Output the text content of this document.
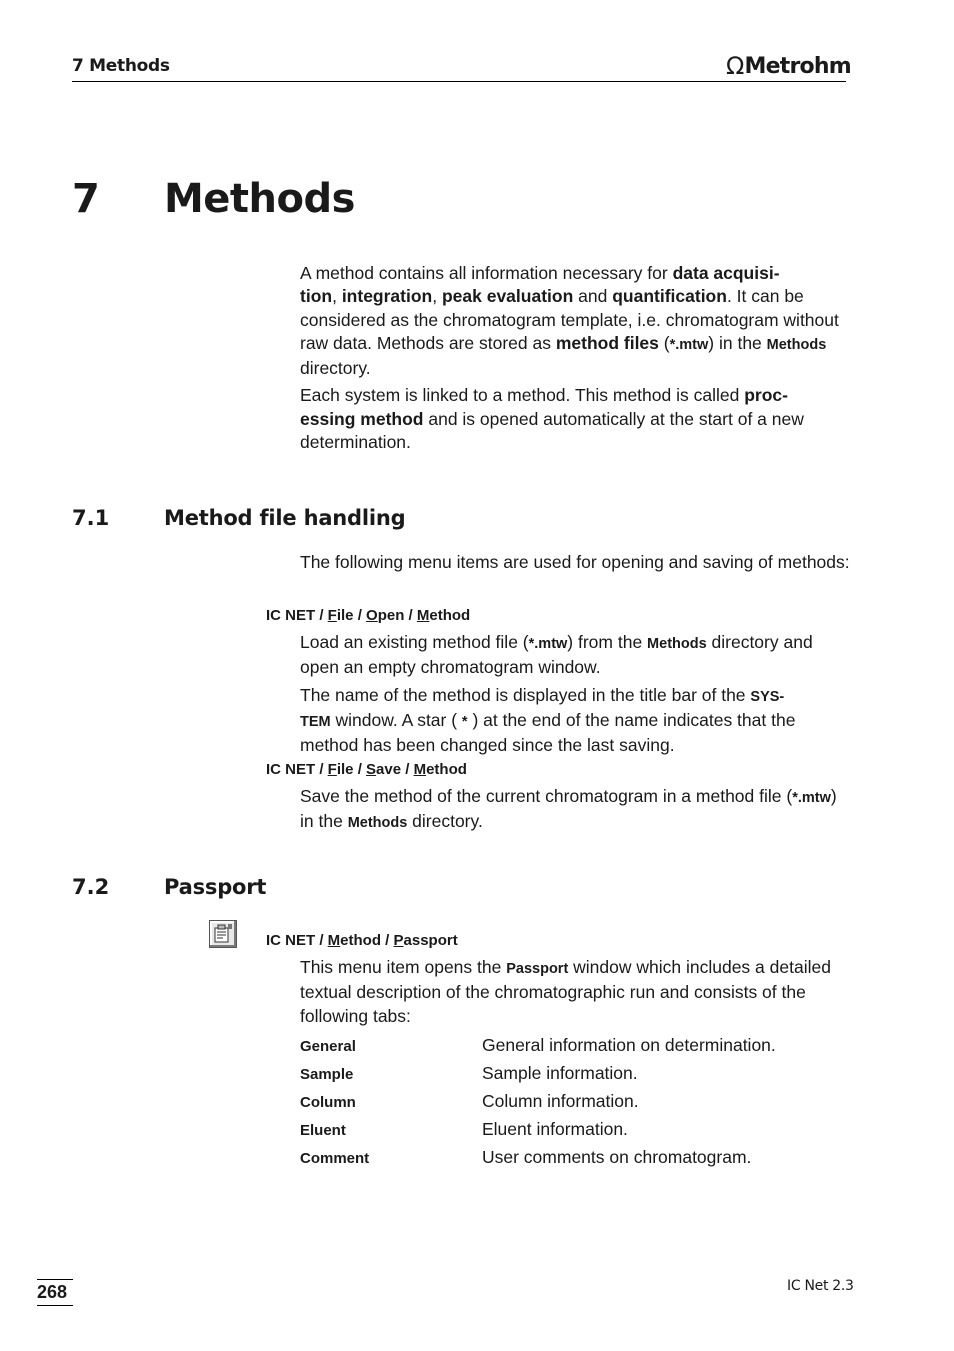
7 Methods	Ω Metrohm
7 Methods

A method contains all information necessary for data acquisi-
tion, integration, peak evaluation and quantification. It can be considered as the chromatogram template, i.e. chromatogram without raw data. Methods are stored as method files (*.mtw) in the Methods directory.

Each system is linked to a method. This method is called proc-
essing method and is opened automatically at the start of a new determination.

7.1	Method file handling

The following menu items are used for opening and saving of methods:

IC NET / File / Open / Method

Load an existing method file (*.mtw) from the Methods directory and open an empty chromatogram window.

The name of the method is displayed in the title bar of the SYS-
TEM window. A star ( * ) at the end of the name indicates that the method has been changed since the last saving.

IC NET / File / Save / Method

Save the method of the current chromatogram in a method file (*.mtw) in the Methods directory.

7.2	Passport
IC NET / Method / Passport

This menu item opens the Passport window which includes a detailed textual description of the chromatographic run and consists of the following tabs:

General	General information on determination.
Sample	Sample information.
Column	Column information.
Eluent	Eluent information.
Comment	User comments on chromatogram.
268	IC Net 2.3
